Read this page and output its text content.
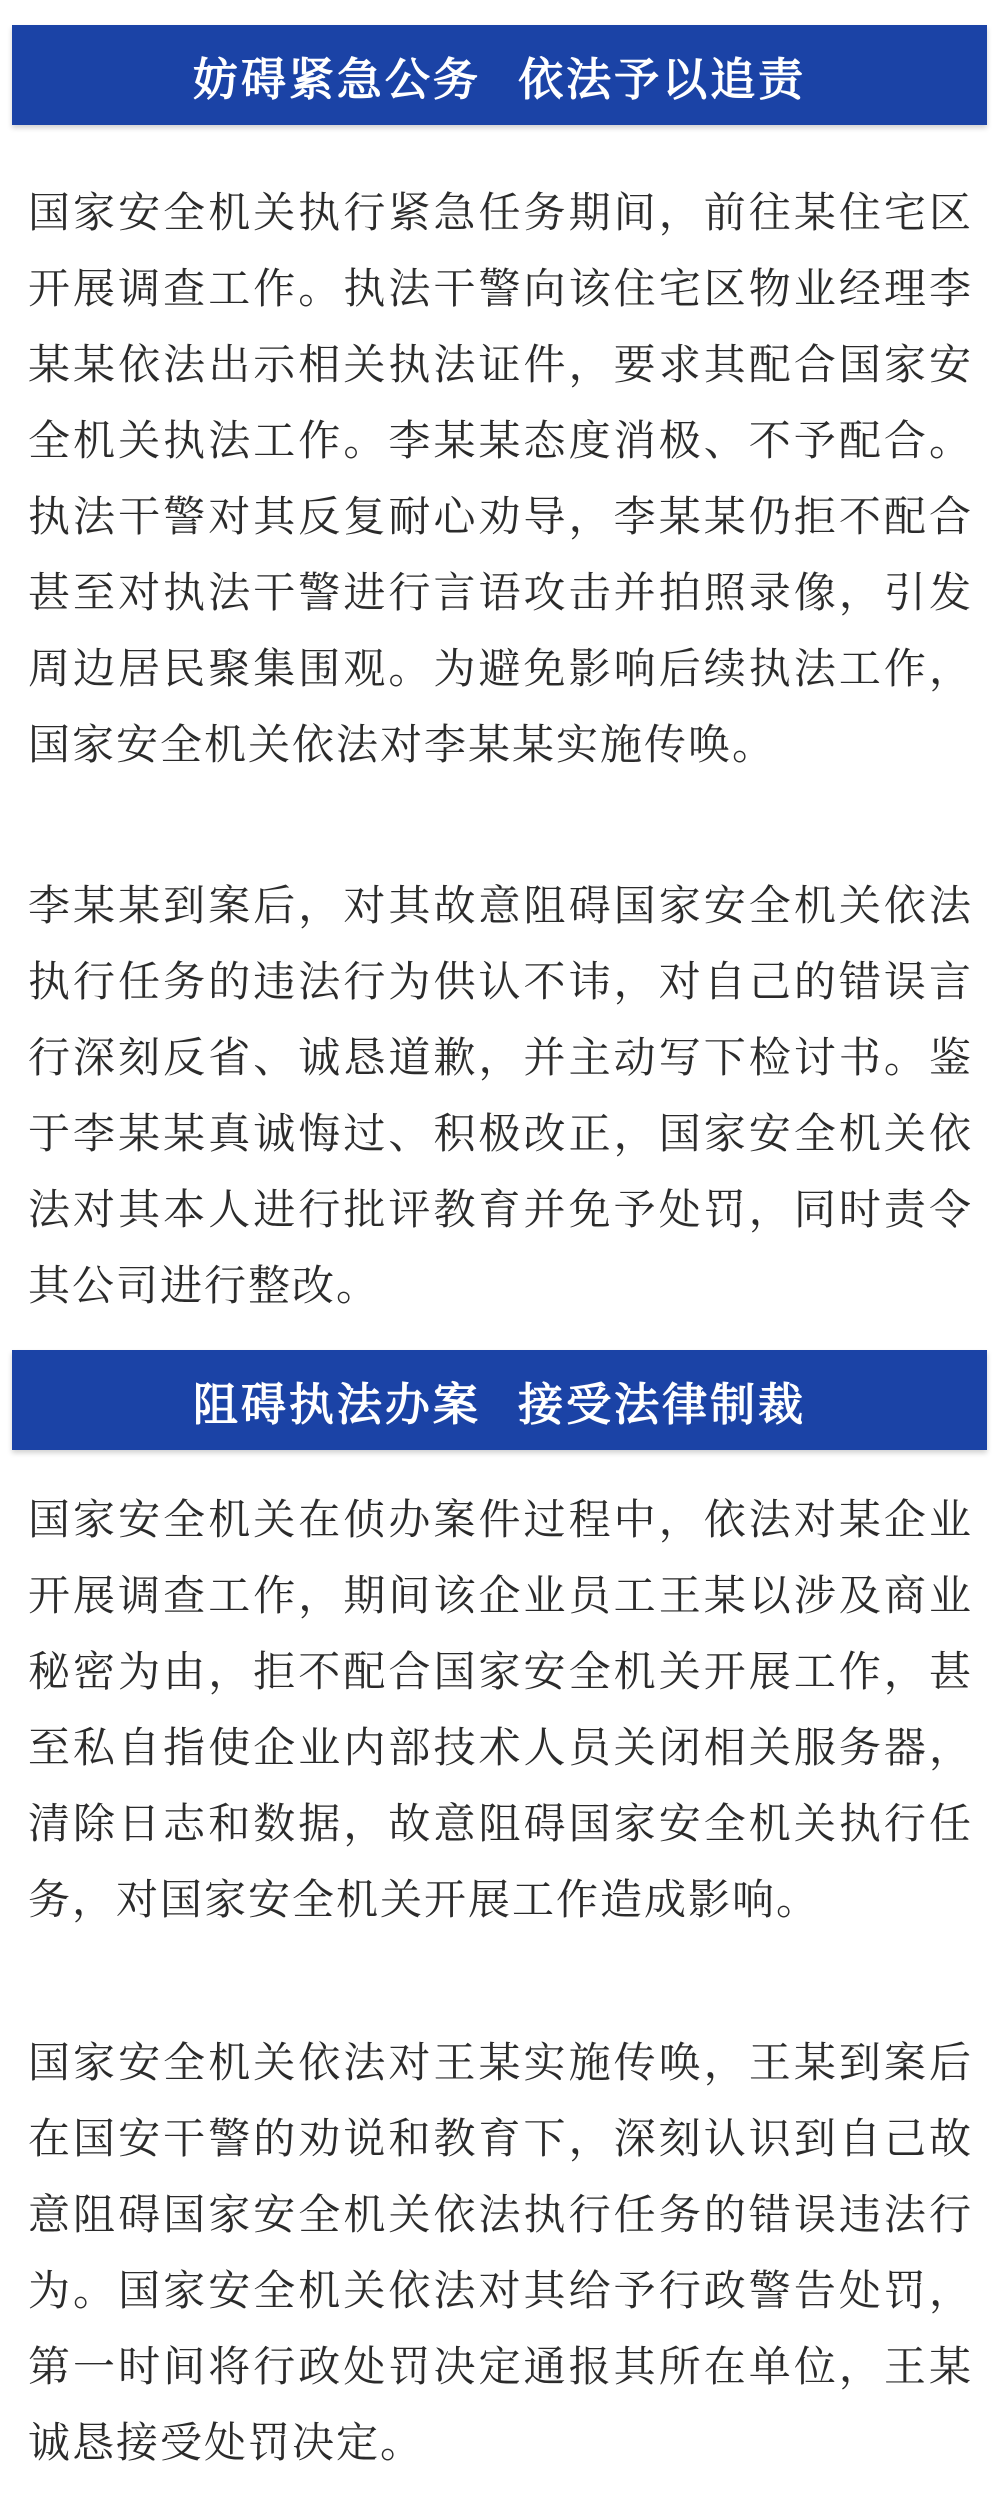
妨碍紧急公务  依法予以追责

国家安全机关执行紧急任务期间，前往某住宅区开展调查工作。执法干警向该住宅区物业经理李某某依法出示相关执法证件，要求其配合国家安全机关执法工作。李某某态度消极、不予配合。执法干警对其反复耐心劝导，李某某仍拒不配合甚至对执法干警进行言语攻击并拍照录像，引发周边居民聚集围观。为避免影响后续执法工作，国家安全机关依法对李某某实施传唤。

李某某到案后，对其故意阻碍国家安全机关依法执行任务的违法行为供认不讳，对自己的错误言行深刻反省、诚恳道歉，并主动写下检讨书。鉴于李某某真诚悔过、积极改正，国家安全机关依法对其本人进行批评教育并免予处罚，同时责令其公司进行整改。

阻碍执法办案  接受法律制裁

国家安全机关在侦办案件过程中，依法对某企业开展调查工作，期间该企业员工王某以涉及商业秘密为由，拒不配合国家安全机关开展工作，甚至私自指使企业内部技术人员关闭相关服务器，清除日志和数据，故意阻碍国家安全机关执行任务，对国家安全机关开展工作造成影响。

国家安全机关依法对王某实施传唤，王某到案后在国安干警的劝说和教育下，深刻认识到自己故意阻碍国家安全机关依法执行任务的错误违法行为。国家安全机关依法对其给予行政警告处罚，第一时间将行政处罚决定通报其所在单位，王某诚恳接受处罚决定。
